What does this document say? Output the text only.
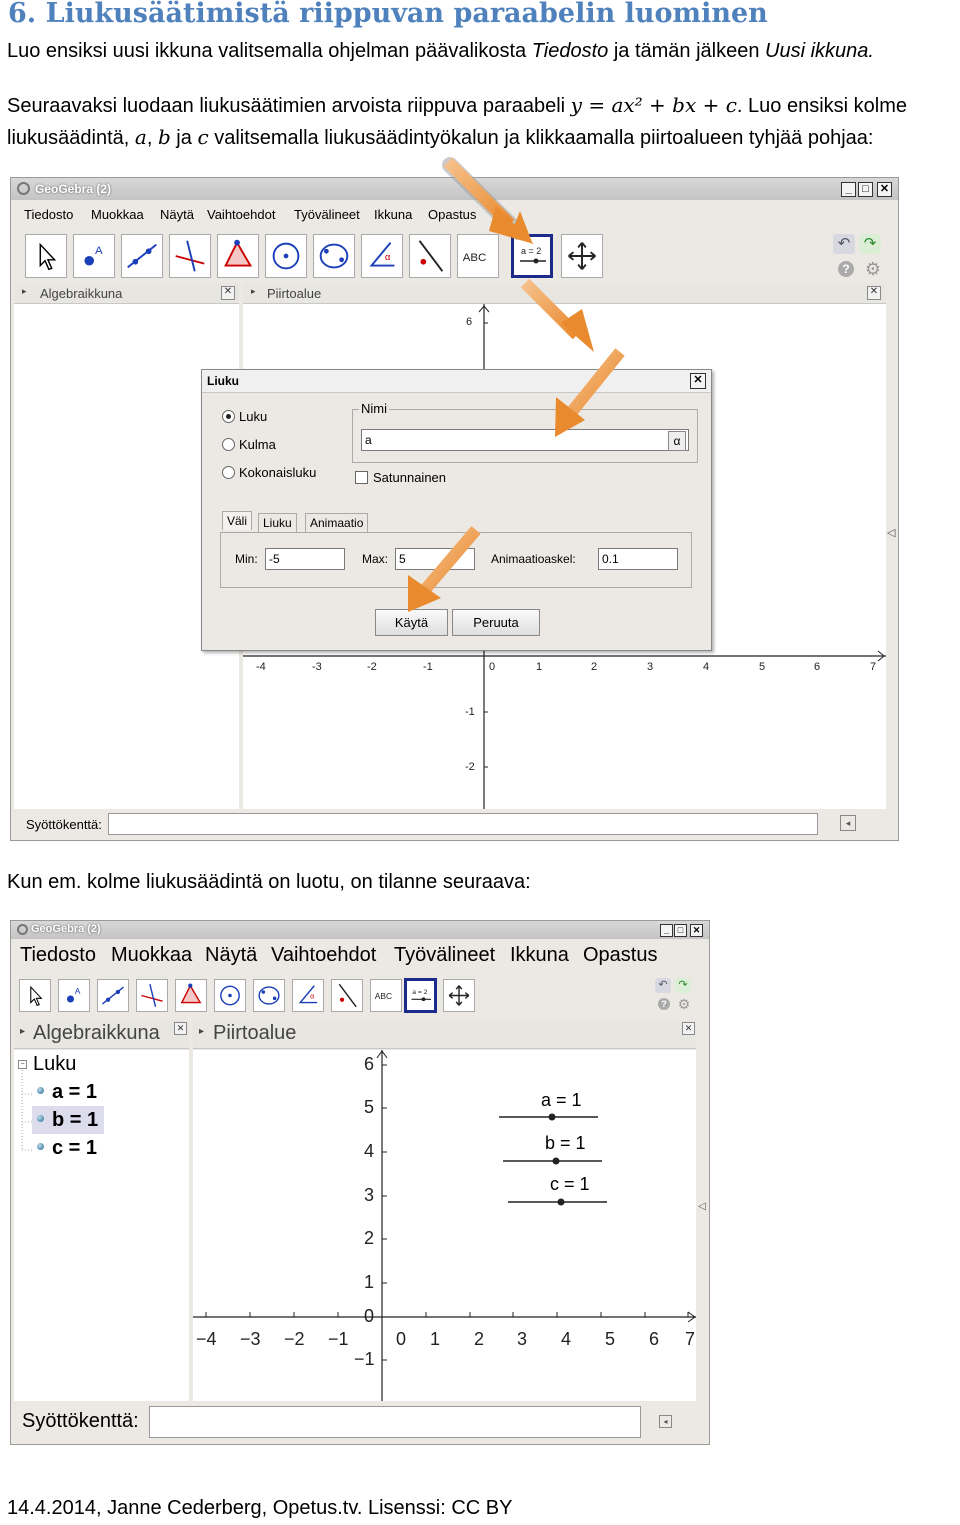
6. Liukusäätimistä riippuvan paraabelin luominen
Luo ensiksi uusi ikkuna valitsemalla ohjelman päävalikosta Tiedosto ja tämän jälkeen Uusi ikkuna.
Seuraavaksi luodaan liukusäätimien arvoista riippuva paraabeli y = ax² + bx + c. Luo ensiksi kolme
liukusäädintä, a, b ja c valitsemalla liukusäädintyökalun ja klikkaamalla piirtoalueen tyhjää pohjaa:
GeoGebra (2)	_ □	✕
Tiedosto Muokkaa Näytä Vaihtoehdot Työvälineet Ikkuna Opastus
A
α	ABC
a = 2	↶ ↷
? ⚙
▸ Algebraikkuna	✕	▸ Piirtoalue	✕
6
-1
-2
-4	-3	-2	-1	0	1	2	3	4	5	6	7
◁
Syöttökenttä:	◂
Liuku	✕
Luku
Kulma
Kokonaisluku
Nimi
a	α
Satunnainen
Väli	Liuku	Animaatio
Min: -5	Max: 5	Animaatioaskel:	0.1
Käytä	Peruuta
Kun em. kolme liukusäädintä on luotu, on tilanne seuraava:
GeoGebra (2)	_ □	✕
Tiedosto Muokkaa Näytä Vaihtoehdot Työvälineet Ikkuna Opastus
A
α	ABC a = 2
↶ ↷
? ⚙
▸ Algebraikkuna	✕
− Luku
a = 1
b = 1
c = 1
▸ Piirtoalue	✕
a = 1
b = 1
c = 1
6
5
4
3
2
1
0
−1
−4 −3 −2 −1	0 1 2 3 4 5 6 7
◁
Syöttökenttä:	◂
14.4.2014, Janne Cederberg, Opetus.tv. Lisenssi: CC BY
